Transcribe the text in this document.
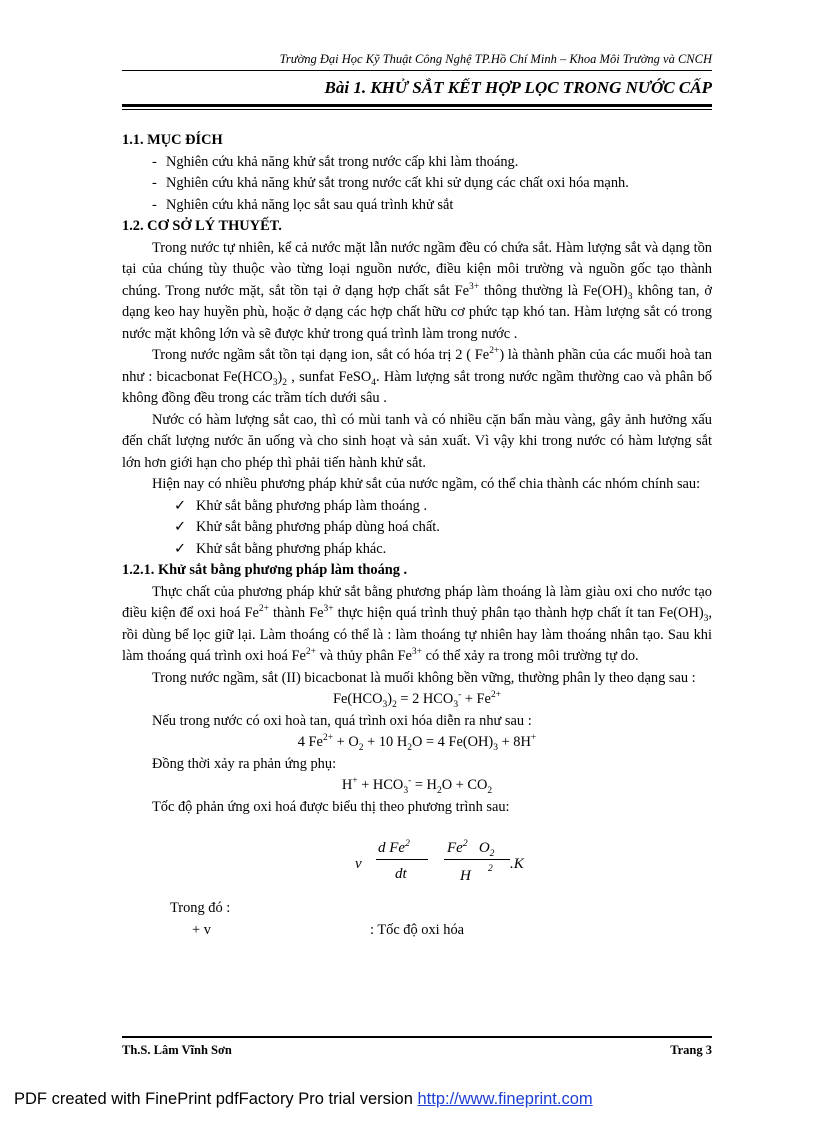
Trường Đại Học Kỹ Thuật Công Nghệ TP.Hồ Chí Minh – Khoa Môi Trường và CNCH
Bài 1. KHỬ SẮT KẾT HỢP LỌC TRONG NƯỚC CẤP
1.1. MỤC ĐÍCH
- Nghiên cứu khả năng khử sắt trong nước cấp khi làm thoáng.
- Nghiên cứu khả năng khử sắt trong nước cất khi sử dụng các chất oxi hóa mạnh.
- Nghiên cứu khả năng lọc sắt sau quá trình khử sắt
1.2. CƠ SỞ LÝ THUYẾT.

Trong nước tự nhiên, kể cả nước mặt lẫn nước ngầm đều có chứa sắt. Hàm lượng sắt và dạng tồn tại của chúng tùy thuộc vào từng loại nguồn nước, điều kiện môi trường và nguồn gốc tạo thành chúng. Trong nước mặt, sắt tồn tại ở dạng hợp chất sắt $Fe^{3+}$ thông thường là $Fe(OH)_3$ không tan, ở dạng keo hay huyền phù, hoặc ở dạng các hợp chất hữu cơ phức tạp khó tan. Hàm lượng sắt có trong nước mặt không lớn và sẽ được khử trong quá trình làm trong nước .

Trong nước ngầm sắt tồn tại dạng ion, sắt có hóa trị 2 ( $Fe^{2+}$) là thành phần của các muối hoà tan như : bicacbonat $Fe(HCO_3)_2$ , sunfat FeSO$_4$. Hàm lượng sắt trong nước ngầm thường cao và phân bố không đồng đều trong các trầm tích dưới sâu .

Nước có hàm lượng sắt cao, thì có mùi tanh và có nhiều cặn bẩn màu vàng, gây ảnh hưởng xấu đến chất lượng nước ăn uống và cho sinh hoạt và sản xuất. Vì vậy khi trong nước có hàm lượng sắt lớn hơn giới hạn cho phép thì phải tiến hành khử sắt.

Hiện nay có nhiều phương pháp khử sắt của nước ngầm, có thể chia thành các nhóm chính sau:

✓ Khử sắt bằng phương pháp làm thoáng .
✓ Khử sắt bằng phương pháp dùng hoá chất.
✓ Khử sắt bằng phương pháp khác.
1.2.1. Khử sắt bằng phương pháp làm thoáng .

Thực chất của phương pháp khử sắt bằng phương pháp làm thoáng là làm giàu oxi cho nước tạo điều kiện để oxi hoá $Fe^{2+}$ thành $Fe^{3+}$ thực hiện quá trình thuỷ phân tạo thành hợp chất ít $\tan Fe(OH)_3$, rồi dùng bể lọc giữ lại. Làm thoáng có thể là : làm thoáng tự nhiên hay làm thoáng nhân tạo. Sau khi làm thoáng quá trình oxi hoá $Fe^{2+}$ và thủy phân $Fe^{3+}$ có thể xảy ra trong môi trường tự do.

Trong nước ngầm, sắt (II) bicacbonat là muối không bền vững, thường phân ly theo dạng sau :

$Fe(HCO_3)_2 = 2$ $HCO_3^- + Fe^{2+}$
Nếu trong nước có oxi hoà tan, quá trình oxi hóa diễn ra như sau :
4 $Fe^{2+} + O_2 + 10$ $H_2O = 4$ $Fe(OH)_3 + 8H^+$
Đồng thời xảy ra phản ứng phụ:
$H^+ + HCO_3^- = H_2O + CO_2$
Tốc độ phản ứng oxi hoá được biểu thị theo phương trình sau:
v
d Fe$^2$
dt
Fe$^2$ $O_2$
H 2 .K
Trong đó :
+ v	: Tốc độ oxi hóa
Th.S. Lâm Vĩnh Sơn	Trang 3
PDF created with FinePrint pdfFactory Pro trial version http://www.fineprint.com
